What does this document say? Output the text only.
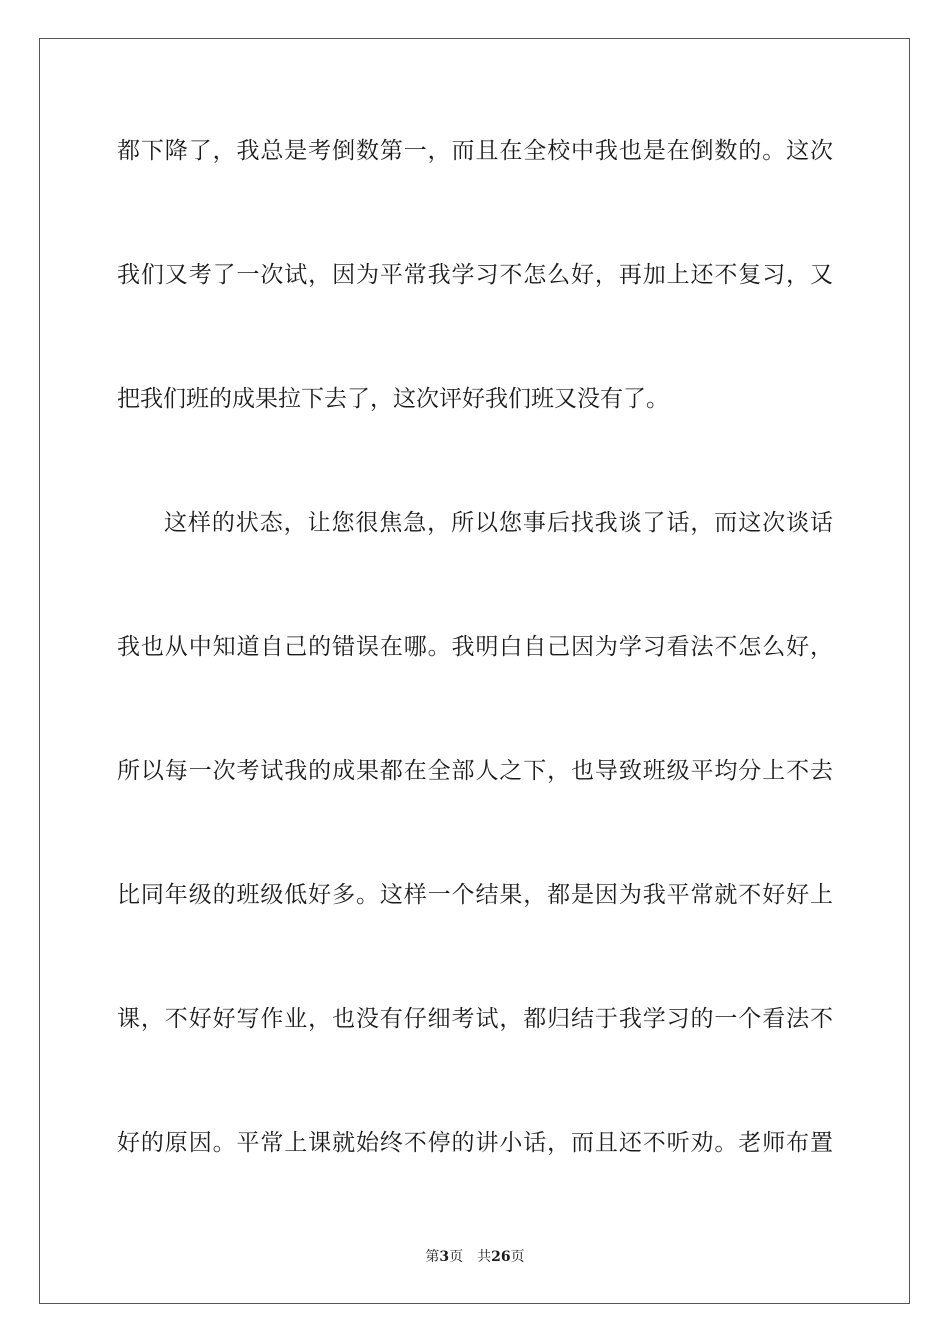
都下降了，我总是考倒数第一，而且在全校中我也是在倒数的。这次
我们又考了一次试，因为平常我学习不怎么好，再加上还不复习，又
把我们班的成果拉下去了，这次评好我们班又没有了。
这样的状态，让您很焦急，所以您事后找我谈了话，而这次谈话
我也从中知道自己的错误在哪。我明白自己因为学习看法不怎么好，
所以每一次考试我的成果都在全部人之下，也导致班级平均分上不去
比同年级的班级低好多。这样一个结果，都是因为我平常就不好好上
课，不好好写作业，也没有仔细考试，都归结于我学习的一个看法不
好的原因。平常上课就始终不停的讲小话，而且还不听劝。老师布置
第3页 共26页
